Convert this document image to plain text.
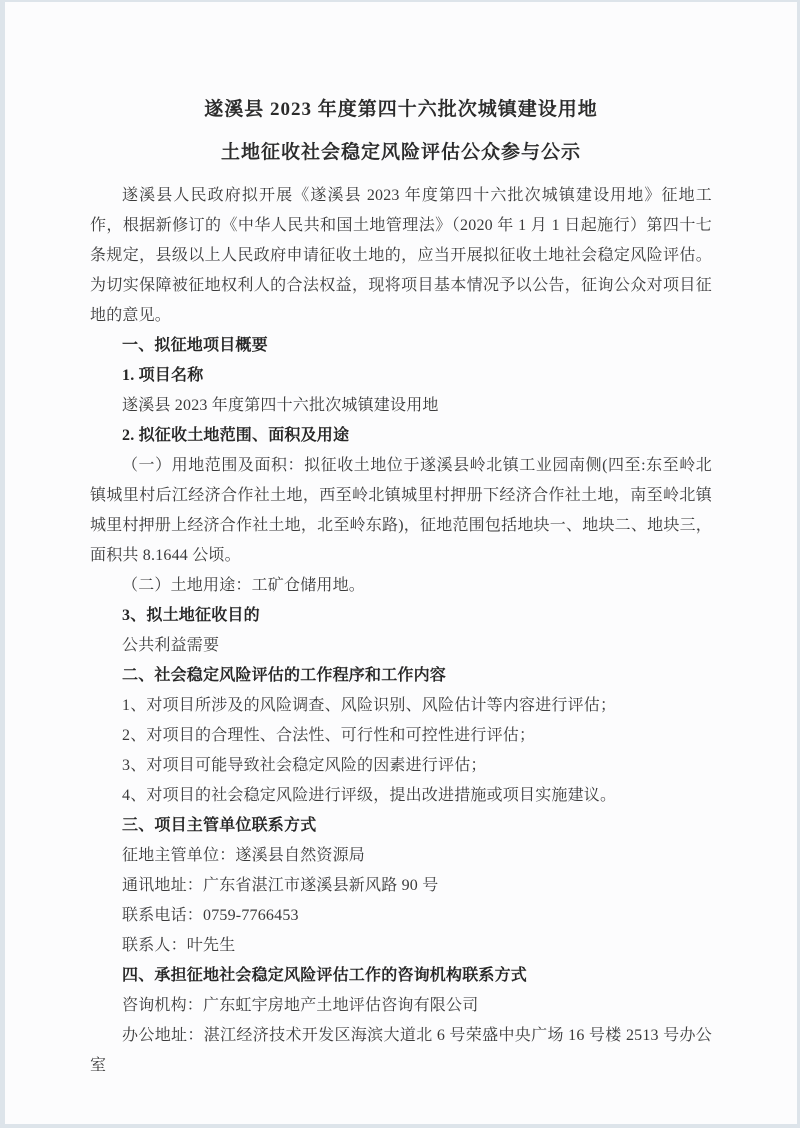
遂溪县 2023 年度第四十六批次城镇建设用地
土地征收社会稳定风险评估公众参与公示

遂溪县人民政府拟开展《遂溪县 2023 年度第四十六批次城镇建设用地》征地工作，根据新修订的《中华人民共和国土地管理法》（2020 年 1 月 1 日起施行）第四十七条规定，县级以上人民政府申请征收土地的，应当开展拟征收土地社会稳定风险评估。为切实保障被征地权利人的合法权益，现将项目基本情况予以公告，征询公众对项目征地的意见。

一、拟征地项目概要

1. 项目名称

遂溪县 2023 年度第四十六批次城镇建设用地

2. 拟征收土地范围、面积及用途

（一）用地范围及面积：拟征收土地位于遂溪县岭北镇工业园南侧(四至:东至岭北镇城里村后江经济合作社土地，西至岭北镇城里村押册下经济合作社土地，南至岭北镇城里村押册上经济合作社土地，北至岭东路)，征地范围包括地块一、地块二、地块三，面积共 8.1644 公顷。

（二）土地用途：工矿仓储用地。

3、拟土地征收目的

公共利益需要

二、社会稳定风险评估的工作程序和工作内容

1、对项目所涉及的风险调查、风险识别、风险估计等内容进行评估；

2、对项目的合理性、合法性、可行性和可控性进行评估；

3、对项目可能导致社会稳定风险的因素进行评估；

4、对项目的社会稳定风险进行评级，提出改进措施或项目实施建议。

三、项目主管单位联系方式

征地主管单位：遂溪县自然资源局

通讯地址：广东省湛江市遂溪县新风路 90 号

联系电话：0759-7766453

联系人：叶先生

四、承担征地社会稳定风险评估工作的咨询机构联系方式

咨询机构：广东虹宇房地产土地评估咨询有限公司

办公地址：湛江经济技术开发区海滨大道北 6 号荣盛中央广场 16 号楼 2513 号办公室
